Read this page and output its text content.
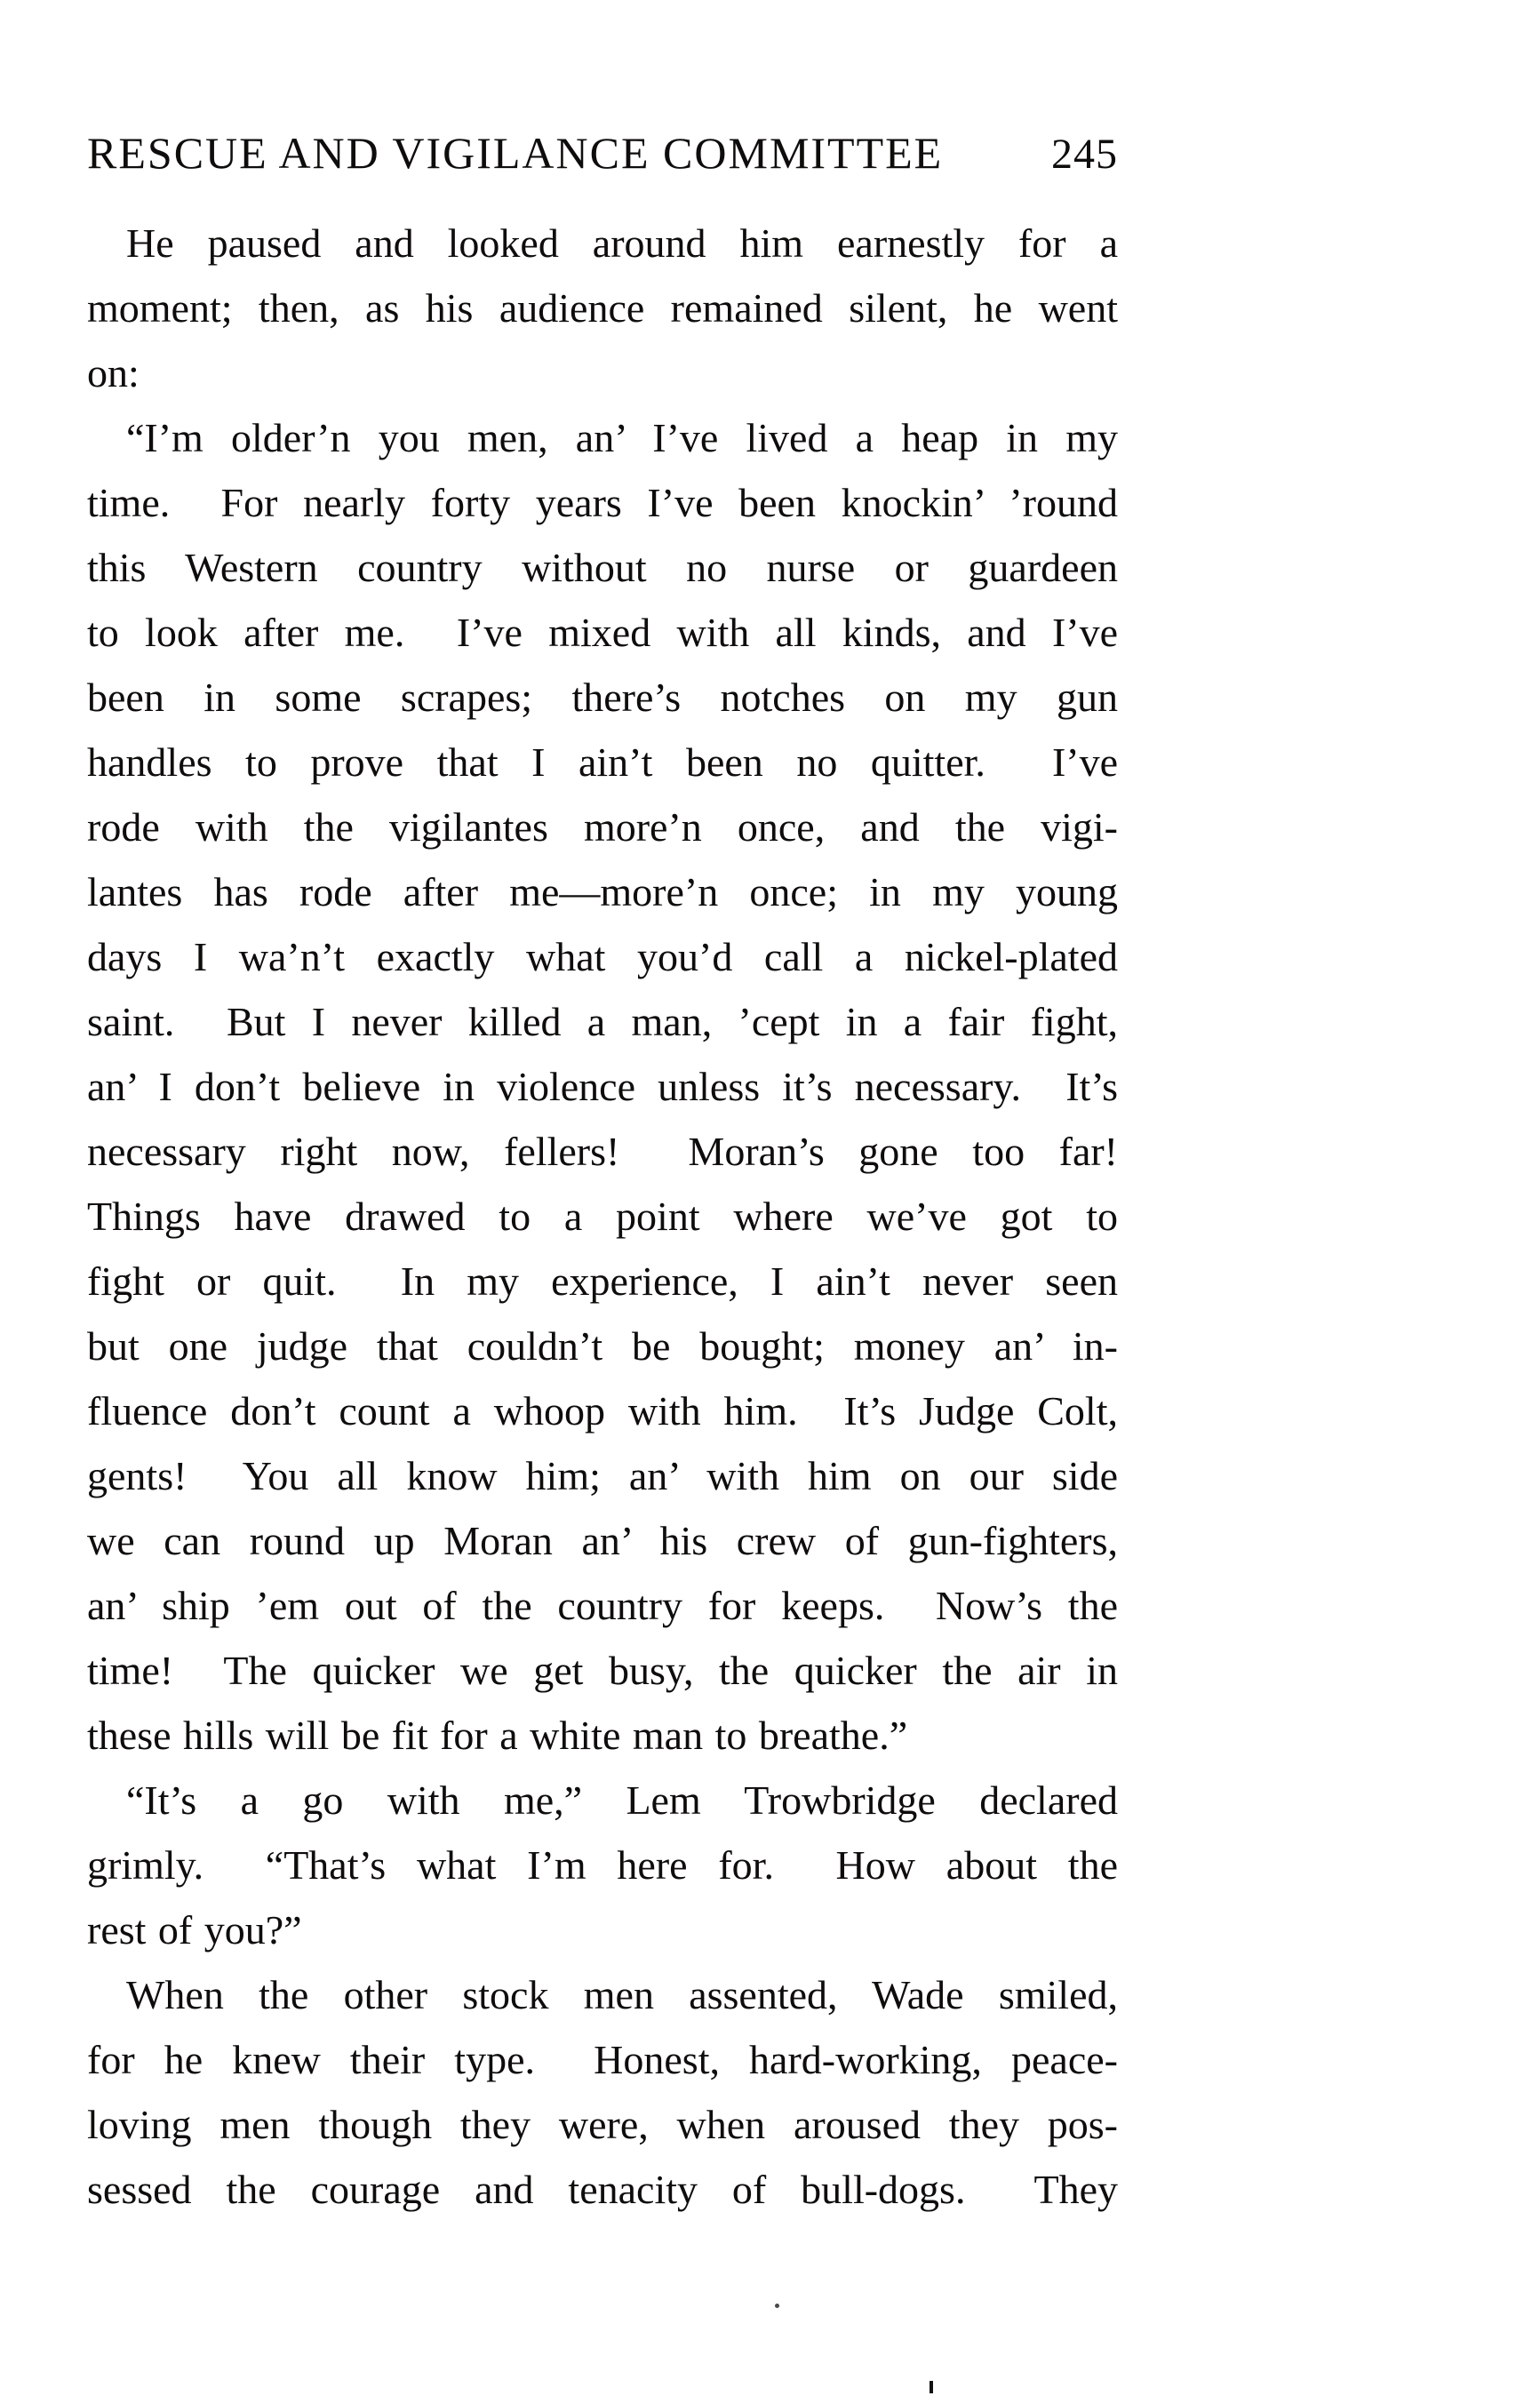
RESCUE AND VIGILANCE COMMITTEE	245
He paused and looked around him earnestly for a
moment; then, as his audience remained silent, he went
on:
“I’m older’n you men, an’ I’ve lived a heap in my
time.  For nearly forty years I’ve been knockin’ ’round
this Western country without no nurse or guardeen
to look after me.  I’ve mixed with all kinds, and I’ve
been in some scrapes; there’s notches on my gun
handles to prove that I ain’t been no quitter.  I’ve
rode with the vigilantes more’n once, and the vigi-
lantes has rode after me—more’n once; in my young
days I wa’n’t exactly what you’d call a nickel-plated
saint.  But I never killed a man, ’cept in a fair fight,
an’ I don’t believe in violence unless it’s necessary.  It’s
necessary right now, fellers!  Moran’s gone too far!
Things have drawed to a point where we’ve got to
fight or quit.  In my experience, I ain’t never seen
but one judge that couldn’t be bought; money an’ in-
fluence don’t count a whoop with him.  It’s Judge Colt,
gents!  You all know him; an’ with him on our side
we can round up Moran an’ his crew of gun-fighters,
an’ ship ’em out of the country for keeps.  Now’s the
time!  The quicker we get busy, the quicker the air in
these hills will be fit for a white man to breathe.”
“It’s a go with me,” Lem Trowbridge declared
grimly.  “That’s what I’m here for.  How about the
rest of you?”
When the other stock men assented, Wade smiled,
for he knew their type.  Honest, hard-working, peace-
loving men though they were, when aroused they pos-
sessed the courage and tenacity of bull-dogs.  They
